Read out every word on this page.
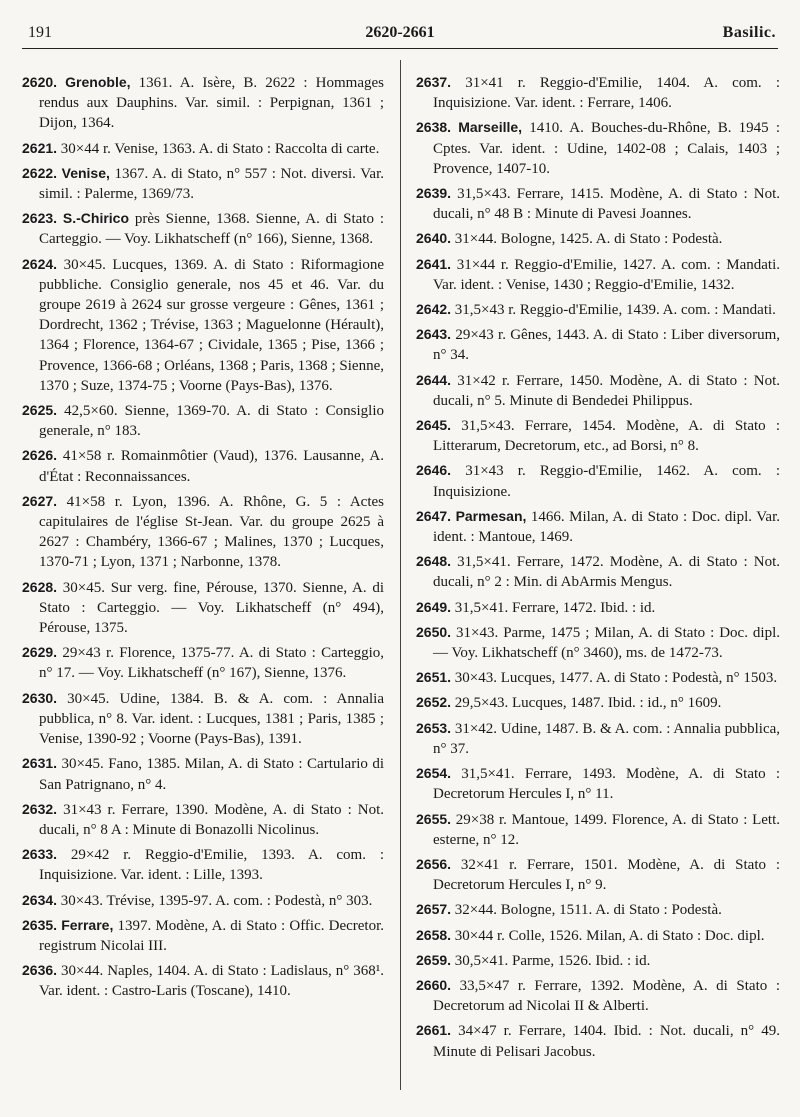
191	2620-2661	Basilic.

2620. Grenoble, 1361. A. Isère, B. 2622 : Hommages rendus aux Dauphins. Var. simil. : Perpignan, 1361 ; Dijon, 1364.

2621. 30×44 r. Venise, 1363. A. di Stato : Raccolta di carte.

2622. Venise, 1367. A. di Stato, n° 557 : Not. diversi. Var. simil. : Palerme, 1369/73.

2623. S.-Chirico près Sienne, 1368. Sienne, A. di Stato : Carteggio. — Voy. Likhatscheff (n° 166), Sienne, 1368.

2624. 30×45. Lucques, 1369. A. di Stato : Riformagione pubbliche. Consiglio generale, nos 45 et 46. Var. du groupe 2619 à 2624 sur grosse vergeure : Gênes, 1361 ; Dordrecht, 1362 ; Trévise, 1363 ; Maguelonne (Hérault), 1364 ; Florence, 1364-67 ; Cividale, 1365 ; Pise, 1366 ; Provence, 1366-68 ; Orléans, 1368 ; Paris, 1368 ; Sienne, 1370 ; Suze, 1374-75 ; Voorne (Pays-Bas), 1376.

2625. 42,5×60. Sienne, 1369-70. A. di Stato : Consiglio generale, n° 183.

2626. 41×58 r. Romainmôtier (Vaud), 1376. Lausanne, A. d'État : Reconnaissances.

2627. 41×58 r. Lyon, 1396. A. Rhône, G. 5 : Actes capitulaires de l'église St-Jean. Var. du groupe 2625 à 2627 : Chambéry, 1366-67 ; Malines, 1370 ; Lucques, 1370-71 ; Lyon, 1371 ; Narbonne, 1378.

2628. 30×45. Sur verg. fine, Pérouse, 1370. Sienne, A. di Stato : Carteggio. — Voy. Likhatscheff (n° 494), Pérouse, 1375.

2629. 29×43 r. Florence, 1375-77. A. di Stato : Carteggio, n° 17. — Voy. Likhatscheff (n° 167), Sienne, 1376.

2630. 30×45. Udine, 1384. B. & A. com. : Annalia pubblica, n° 8. Var. ident. : Lucques, 1381 ; Paris, 1385 ; Venise, 1390-92 ; Voorne (Pays-Bas), 1391.

2631. 30×45. Fano, 1385. Milan, A. di Stato : Cartulario di San Patrignano, n° 4.

2632. 31×43 r. Ferrare, 1390. Modène, A. di Stato : Not. ducali, n° 8 A : Minute di Bonazolli Nicolinus.

2633. 29×42 r. Reggio-d'Emilie, 1393. A. com. : Inquisizione. Var. ident. : Lille, 1393.

2634. 30×43. Trévise, 1395-97. A. com. : Podestà, n° 303.

2635. Ferrare, 1397. Modène, A. di Stato : Offic. Decretor. registrum Nicolai III.

2636. 30×44. Naples, 1404. A. di Stato : Ladislaus, n° 368¹. Var. ident. : Castro-Laris (Toscane), 1410.

2637. 31×41 r. Reggio-d'Emilie, 1404. A. com. : Inquisizione. Var. ident. : Ferrare, 1406.

2638. Marseille, 1410. A. Bouches-du-Rhône, B. 1945 : Cptes. Var. ident. : Udine, 1402-08 ; Calais, 1403 ; Provence, 1407-10.

2639. 31,5×43. Ferrare, 1415. Modène, A. di Stato : Not. ducali, n° 48 B : Minute di Pavesi Joannes.

2640. 31×44. Bologne, 1425. A. di Stato : Podestà.

2641. 31×44 r. Reggio-d'Emilie, 1427. A. com. : Mandati. Var. ident. : Venise, 1430 ; Reggio-d'Emilie, 1432.

2642. 31,5×43 r. Reggio-d'Emilie, 1439. A. com. : Mandati.

2643. 29×43 r. Gênes, 1443. A. di Stato : Liber diversorum, n° 34.

2644. 31×42 r. Ferrare, 1450. Modène, A. di Stato : Not. ducali, n° 5. Minute di Bendedei Philippus.

2645. 31,5×43. Ferrare, 1454. Modène, A. di Stato : Litterarum, Decretorum, etc., ad Borsi, n° 8.

2646. 31×43 r. Reggio-d'Emilie, 1462. A. com. : Inquisizione.

2647. Parmesan, 1466. Milan, A. di Stato : Doc. dipl. Var. ident. : Mantoue, 1469.

2648. 31,5×41. Ferrare, 1472. Modène, A. di Stato : Not. ducali, n° 2 : Min. di AbArmis Mengus.

2649. 31,5×41. Ferrare, 1472. Ibid. : id.

2650. 31×43. Parme, 1475 ; Milan, A. di Stato : Doc. dipl. — Voy. Likhatscheff (n° 3460), ms. de 1472-73.

2651. 30×43. Lucques, 1477. A. di Stato : Podestà, n° 1503.

2652. 29,5×43. Lucques, 1487. Ibid. : id., n° 1609.

2653. 31×42. Udine, 1487. B. & A. com. : Annalia pubblica, n° 37.

2654. 31,5×41. Ferrare, 1493. Modène, A. di Stato : Decretorum Hercules I, n° 11.

2655. 29×38 r. Mantoue, 1499. Florence, A. di Stato : Lett. esterne, n° 12.

2656. 32×41 r. Ferrare, 1501. Modène, A. di Stato : Decretorum Hercules I, n° 9.

2657. 32×44. Bologne, 1511. A. di Stato : Podestà.

2658. 30×44 r. Colle, 1526. Milan, A. di Stato : Doc. dipl.

2659. 30,5×41. Parme, 1526. Ibid. : id.

2660. 33,5×47 r. Ferrare, 1392. Modène, A. di Stato : Decretorum ad Nicolai II & Alberti.

2661. 34×47 r. Ferrare, 1404. Ibid. : Not. ducali, n° 49. Minute di Pelisari Jacobus.
